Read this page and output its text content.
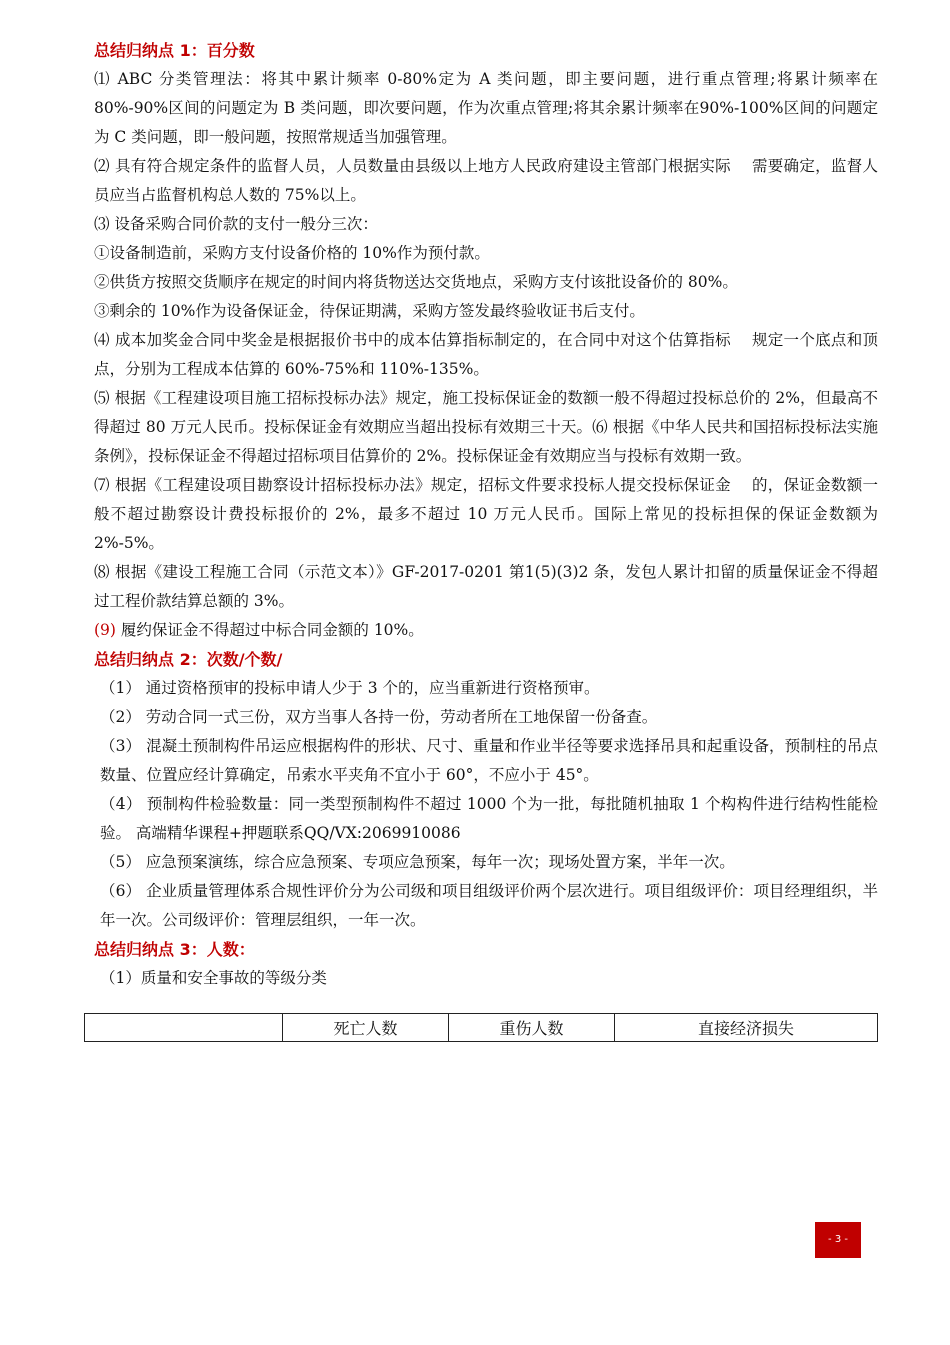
总结归纳点 1：百分数

⑴ ABC 分类管理法：将其中累计频率 0-80%定为 A 类问题，即主要问题，进行重点管理;将累计频率在 80%-90%区间的问题定为 B 类问题，即次要问题，作为次重点管理;将其余累计频率在90%-100%区间的问题定为 C 类问题，即一般问题，按照常规适当加强管理。

⑵ 具有符合规定条件的监督人员，人员数量由县级以上地方人民政府建设主管部门根据实际　 需要确定，监督人员应当占监督机构总人数的 75%以上。

⑶ 设备采购合同价款的支付一般分三次：

①设备制造前，采购方支付设备价格的 10%作为预付款。

②供货方按照交货顺序在规定的时间内将货物送达交货地点，采购方支付该批设备价的 80%。

③剩余的 10%作为设备保证金，待保证期满，采购方签发最终验收证书后支付。

⑷ 成本加奖金合同中奖金是根据报价书中的成本估算指标制定的，在合同中对这个估算指标　 规定一个底点和顶点，分别为工程成本估算的 60%-75%和 110%-135%。

⑸ 根据《工程建设项目施工招标投标办法》规定，施工投标保证金的数额一般不得超过投标总价的 2%，但最高不得超过 80 万元人民币。投标保证金有效期应当超出投标有效期三十天。⑹ 根据《中华人民共和国招标投标法实施条例》，投标保证金不得超过招标项目估算价的 2%。投标保证金有效期应当与投标有效期一致。

⑺ 根据《工程建设项目勘察设计招标投标办法》规定，招标文件要求投标人提交投标保证金　 的，保证金数额一般不超过勘察设计费投标报价的 2%，最多不超过 10 万元人民币。国际上常见的投标担保的保证金数额为 2%-5%。

⑻ 根据《建设工程施工合同（示范文本）》GF-2017-0201 第1(5)(3)2 条，发包人累计扣留的质量保证金不得超过工程价款结算总额的 3%。

(9) 履约保证金不得超过中标合同金额的 10%。

总结归纳点 2：次数/个数/

（1） 通过资格预审的投标申请人少于 3 个的，应当重新进行资格预审。

（2） 劳动合同一式三份，双方当事人各持一份，劳动者所在工地保留一份备查。

（3） 混凝土预制构件吊运应根据构件的形状、尺寸、重量和作业半径等要求选择吊具和起重设备，预制柱的吊点数量、位置应经计算确定，吊索水平夹角不宜小于 60°，不应小于 45°。

（4） 预制构件检验数量：同一类型预制构件不超过 1000 个为一批，每批随机抽取 1 个构构件进行结构性能检验。 高端精华课程+押题联系QQ/VX:2069910086

（5） 应急预案演练，综合应急预案、专项应急预案，每年一次；现场处置方案，半年一次。

（6） 企业质量管理体系合规性评价分为公司级和项目组级评价两个层次进行。项目组级评价：项目经理组织，半年一次。公司级评价：管理层组织，一年一次。

总结归纳点 3：人数：

（1）质量和安全事故的等级分类

	死亡人数	重伤人数	直接经济损失
- 3 -
